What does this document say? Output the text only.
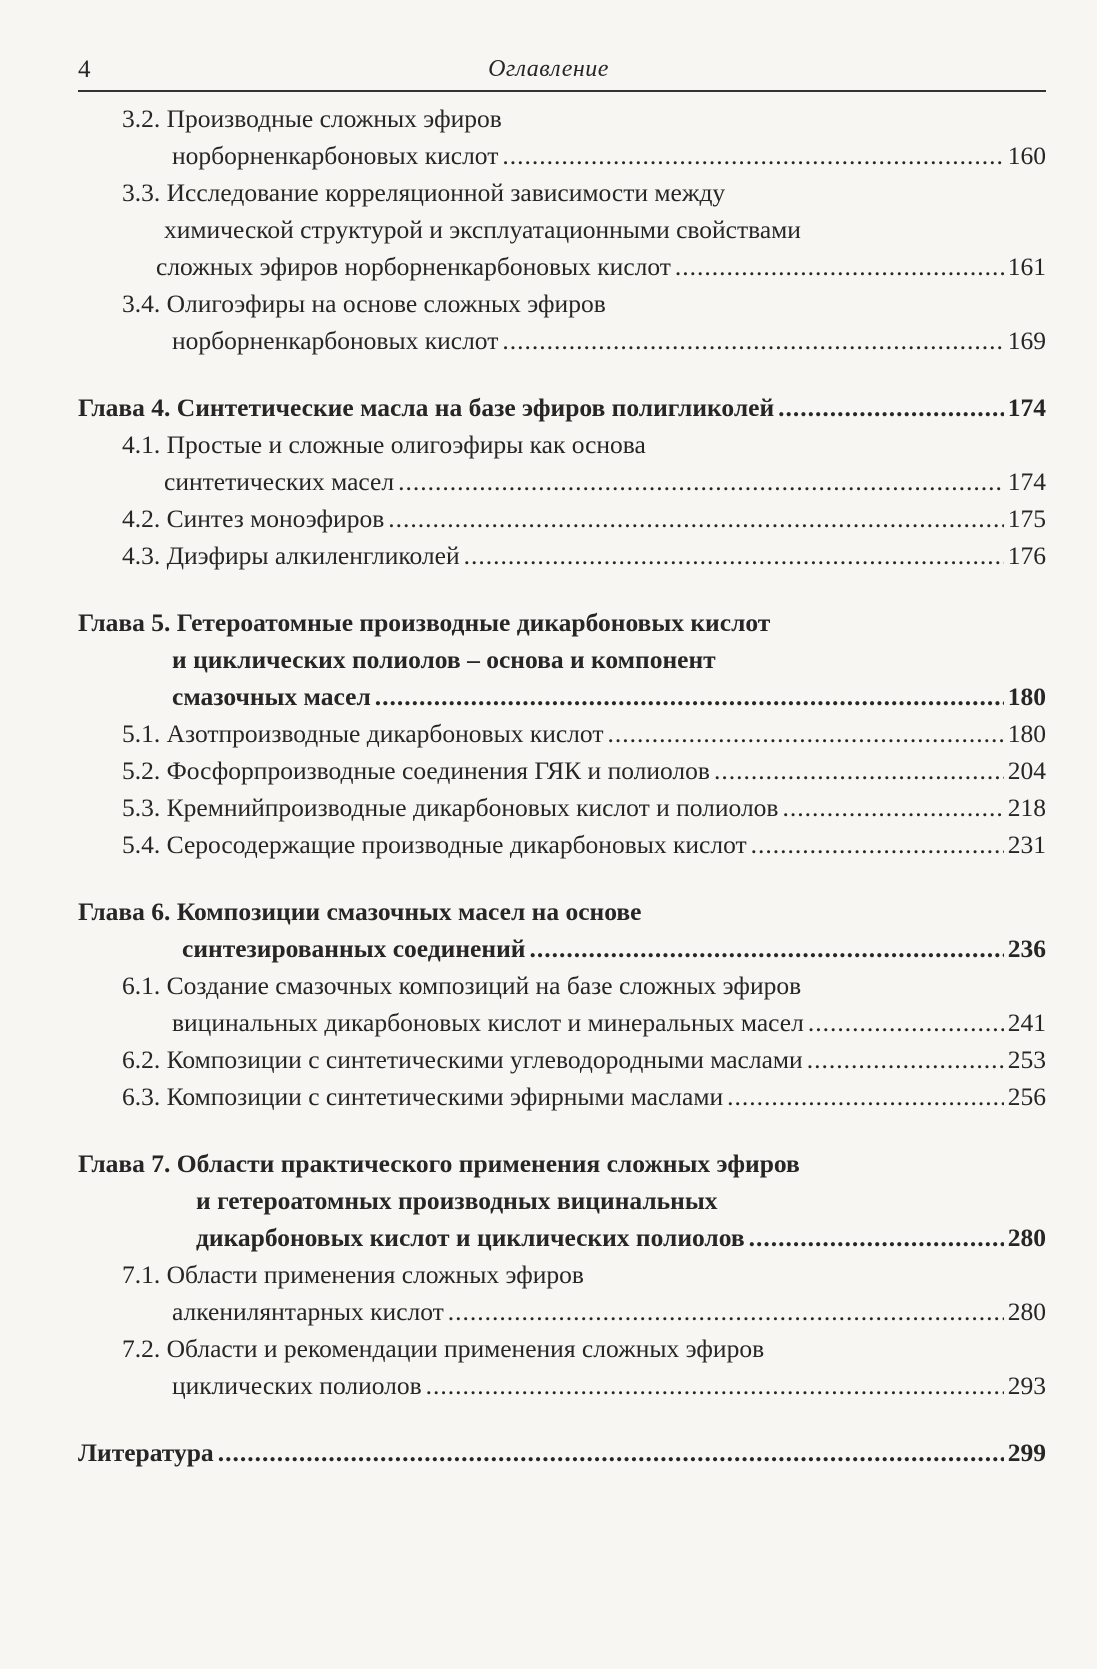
4	Оглавление
3.2. Производные сложных эфиров
норборненкарбоновых кислот .....	160
3.3. Исследование корреляционной зависимости между
химической структурой и эксплуатационными свойствами
сложных эфиров норборненкарбоновых кислот .....	161
3.4. Олигоэфиры на основе сложных эфиров
норборненкарбоновых кислот .....	169
Глава 4. Синтетические масла на базе эфиров полигликолей .....	174
4.1. Простые и сложные олигоэфиры как основа
синтетических масел .....	174
4.2. Синтез моноэфиров .....	175
4.3. Диэфиры алкиленгликолей .....	176
Глава 5. Гетероатомные производные дикарбоновых кислот
и циклических полиолов – основа и компонент
смазочных масел .....	180
5.1. Азотпроизводные дикарбоновых кислот .....	180
5.2. Фосфорпроизводные соединения ГЯК и полиолов .....	204
5.3. Кремнийпроизводные дикарбоновых кислот и полиолов .....	218
5.4. Серосодержащие производные дикарбоновых кислот .....	231
Глава 6. Композиции смазочных масел на основе
синтезированных соединений .....	236
6.1. Создание смазочных композиций на базе сложных эфиров
вицинальных дикарбоновых кислот и минеральных масел .....	241
6.2. Композиции с синтетическими углеводородными маслами .....	253
6.3. Композиции с синтетическими эфирными маслами .....	256
Глава 7. Области практического применения сложных эфиров
и гетероатомных производных вицинальных
дикарбоновых кислот и циклических полиолов .....	280
7.1. Области применения сложных эфиров
алкенилянтарных кислот .....	280
7.2. Области и рекомендации применения сложных эфиров
циклических полиолов .....	293
Литература .....	299
